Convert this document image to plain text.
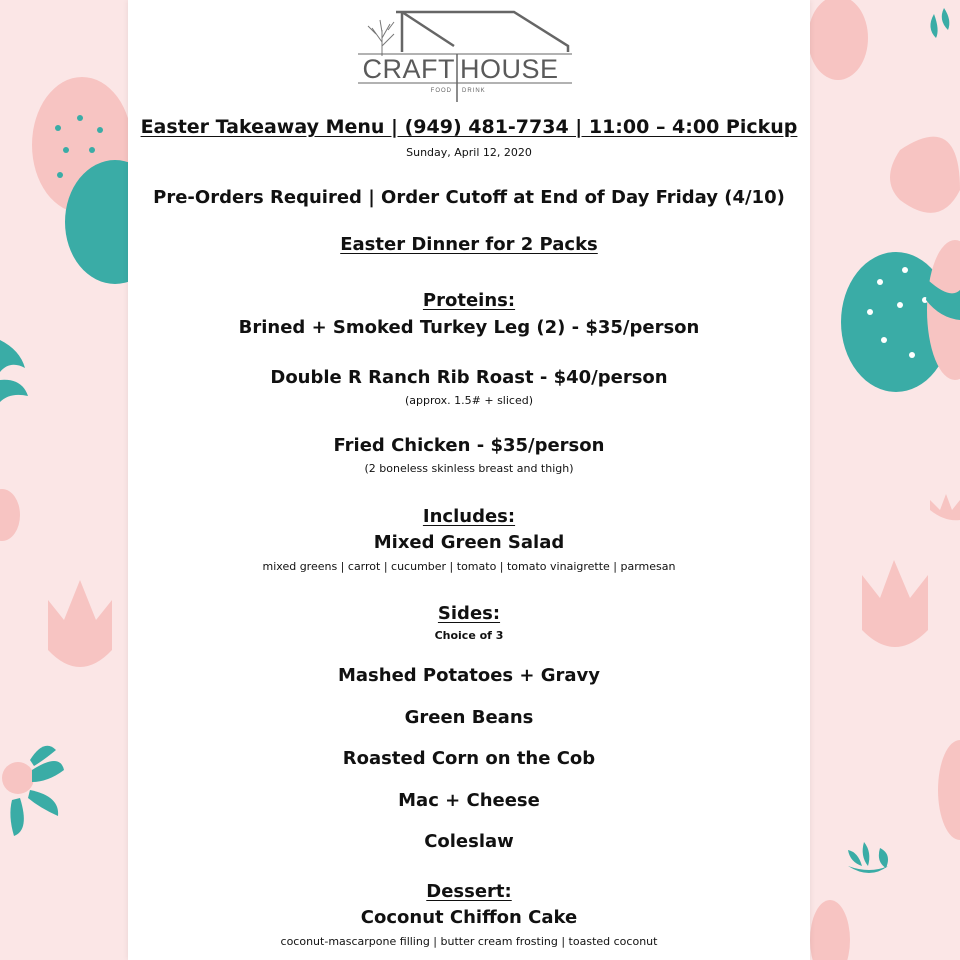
CRAFT HOUSE
FOOD DRINK

Easter Takeaway Menu | (949) 481-7734 | 11:00 – 4:00 Pickup

Sunday, April 12, 2020

Pre-Orders Required | Order Cutoff at End of Day Friday (4/10)

Easter Dinner for 2 Packs

Proteins:

Brined + Smoked Turkey Leg (2) - $35/person

Double R Ranch Rib Roast - $40/person

(approx. 1.5# + sliced)

Fried Chicken - $35/person

(2 boneless skinless breast and thigh)

Includes:

Mixed Green Salad

mixed greens | carrot | cucumber | tomato | tomato vinaigrette | parmesan

Sides:

Choice of 3

Mashed Potatoes + Gravy

Green Beans

Roasted Corn on the Cob

Mac + Cheese

Coleslaw

Dessert:

Coconut Chiffon Cake

coconut-mascarpone filling | butter cream frosting | toasted coconut
